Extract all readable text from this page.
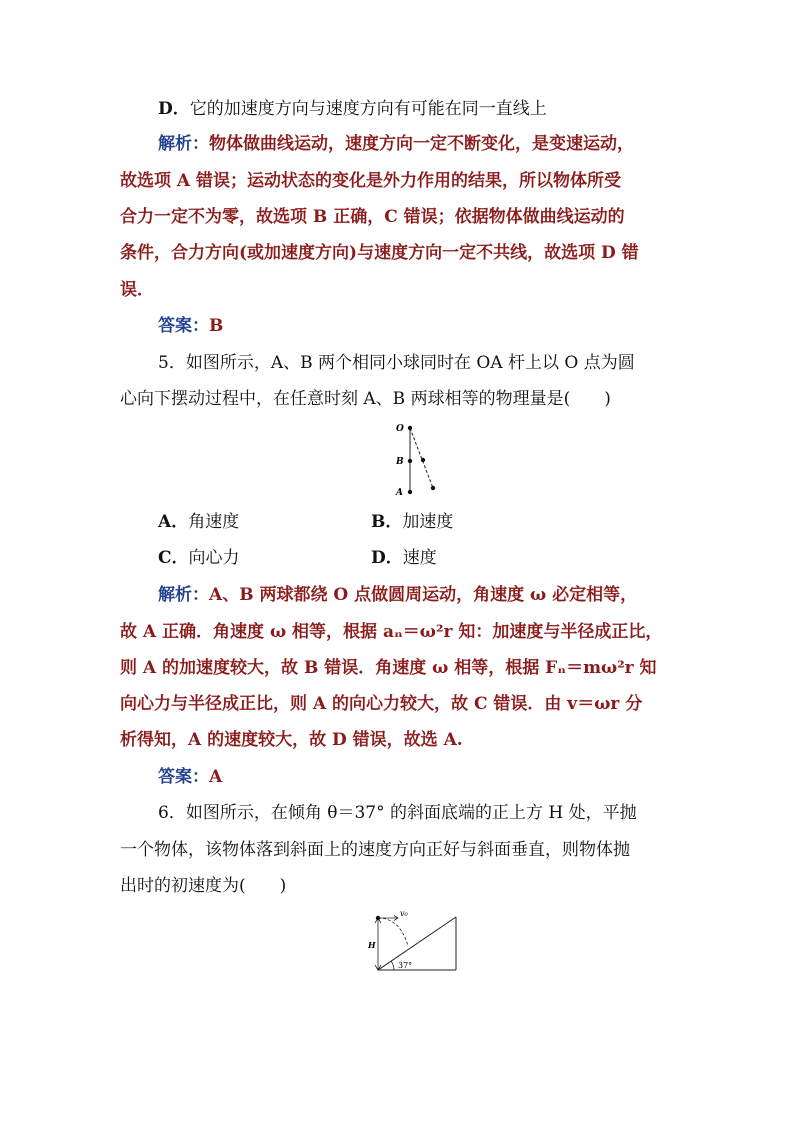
D．它的加速度方向与速度方向有可能在同一直线上
解析：物体做曲线运动，速度方向一定不断变化，是变速运动，
故选项 A 错误；运动状态的变化是外力作用的结果，所以物体所受
合力一定不为零，故选项 B 正确，C 错误；依据物体做曲线运动的
条件，合力方向(或加速度方向)与速度方向一定不共线，故选项 D 错
误．
答案：B
5．如图所示，A、B 两个相同小球同时在 OA 杆上以 O 点为圆
心向下摆动过程中，在任意时刻 A、B 两球相等的物理量是(　　)
O
B
A
A．角速度	B．加速度
C．向心力	D．速度
解析：A、B 两球都绕 O 点做圆周运动，角速度 ω 必定相等，
故 A 正确．角速度 ω 相等，根据 aₙ＝ω²r 知：加速度与半径成正比，
则 A 的加速度较大，故 B 错误．角速度 ω 相等，根据 Fₙ＝mω²r 知
向心力与半径成正比，则 A 的向心力较大，故 C 错误．由 v＝ωr 分
析得知，A 的速度较大，故 D 错误，故选 A.
答案：A
6．如图所示，在倾角 θ＝37° 的斜面底端的正上方 H 处，平抛
一个物体，该物体落到斜面上的速度方向正好与斜面垂直，则物体抛
出时的初速度为(　　)
v₀
H
37°
